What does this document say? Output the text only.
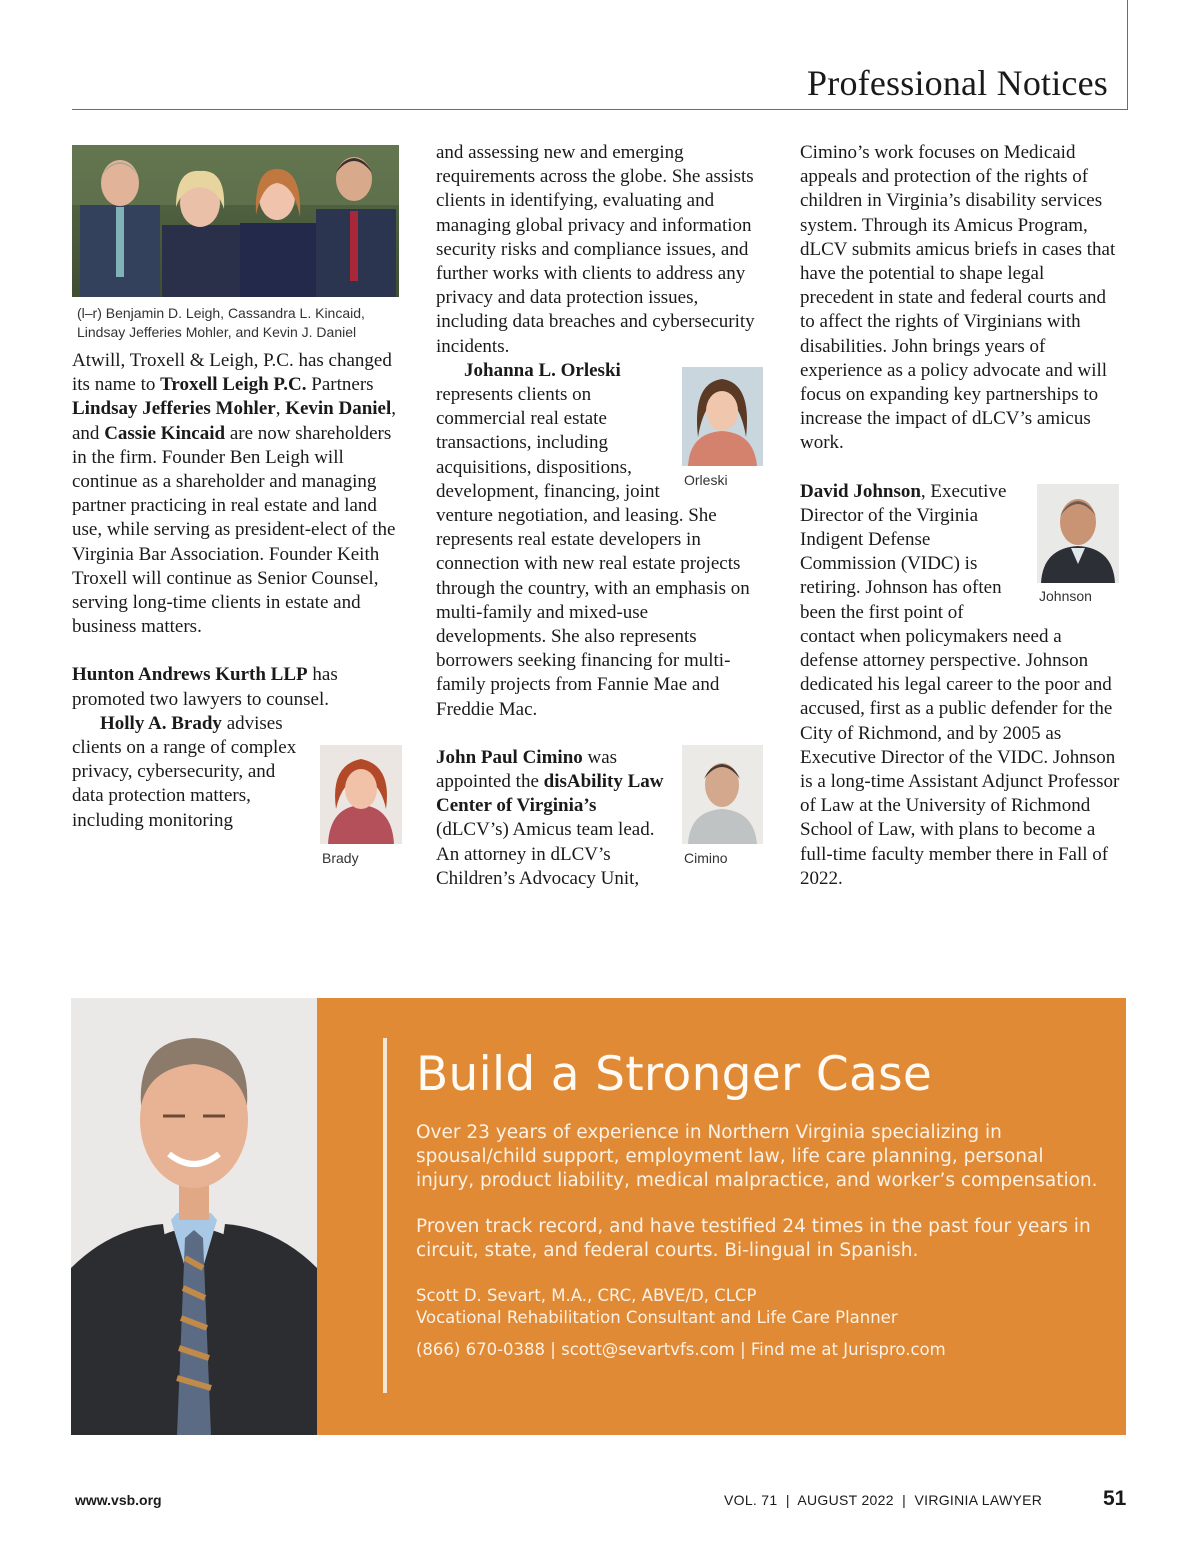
Professional Notices
(l–r) Benjamin D. Leigh, Cassandra L. Kincaid, Lindsay Jefferies Mohler, and Kevin J. Daniel

Atwill, Troxell & Leigh, P.C. has changed its name to Troxell Leigh P.C. Partners Lindsay Jefferies Mohler, Kevin Daniel, and Cassie Kincaid are now shareholders in the firm. Founder Ben Leigh will continue as a shareholder and managing partner practicing in real estate and land use, while serving as president-elect of the Virginia Bar Association. Founder Keith Troxell will continue as Senior Counsel, serving long-time clients in estate and business matters.

Hunton Andrews Kurth LLP has promoted two lawyers to counsel.

Holly A. Brady advises clients on a range of complex privacy, cybersecurity, and data protection matters, including monitoring

Brady

and assessing new and emerging requirements across the globe. She assists clients in identifying, evaluating and managing global privacy and information security risks and compliance issues, and further works with clients to address any privacy and data protection issues, including data breaches and cybersecurity incidents.

Johanna L. Orleski represents clients on commercial real estate transactions, including acquisitions, dispositions, development, financing, joint venture negotiation, and leasing. She represents real estate developers in connection with new real estate projects through the country, with an emphasis on multi-family and mixed-use developments. She also represents borrowers seeking financing for multi-family projects from Fannie Mae and Freddie Mac.

John Paul Cimino was appointed the disAbility Law Center of Virginia’s (dLCV’s) Amicus team lead. An attorney in dLCV’s Children’s Advocacy Unit,

Orleski
Cimino

Cimino’s work focuses on Medicaid appeals and protection of the rights of children in Virginia’s disability services system. Through its Amicus Program, dLCV submits amicus briefs in cases that have the potential to shape legal precedent in state and federal courts and to affect the rights of Virginians with disabilities. John brings years of experience as a policy advocate and will focus on expanding key partnerships to increase the impact of dLCV’s amicus work.

David Johnson, Executive Director of the Virginia Indigent Defense Commission (VIDC) is retiring. Johnson has often been the first point of contact when policymakers need a defense attorney perspective. Johnson dedicated his legal career to the poor and accused, first as a public defender for the City of Richmond, and by 2005 as Executive Director of the VIDC. Johnson is a long-time Assistant Adjunct Professor of Law at the University of Richmond School of Law, with plans to become a full-time faculty member there in Fall of 2022.

Johnson
Build a Stronger Case
Over 23 years of experience in Northern Virginia specializing in spousal/child support, employment law, life care planning, personal injury, product liability, medical malpractice, and worker’s compensation.
Proven track record, and have testified 24 times in the past four years in circuit, state, and federal courts. Bi-lingual in Spanish.
Scott D. Sevart, M.A., CRC, ABVE/D, CLCP
Vocational Rehabilitation Consultant and Life Care Planner
(866) 670-0388 | scott@sevartvfs.com | Find me at Jurispro.com
www.vsb.org	VOL. 71  |  AUGUST 2022  |  VIRGINIA LAWYER	51
